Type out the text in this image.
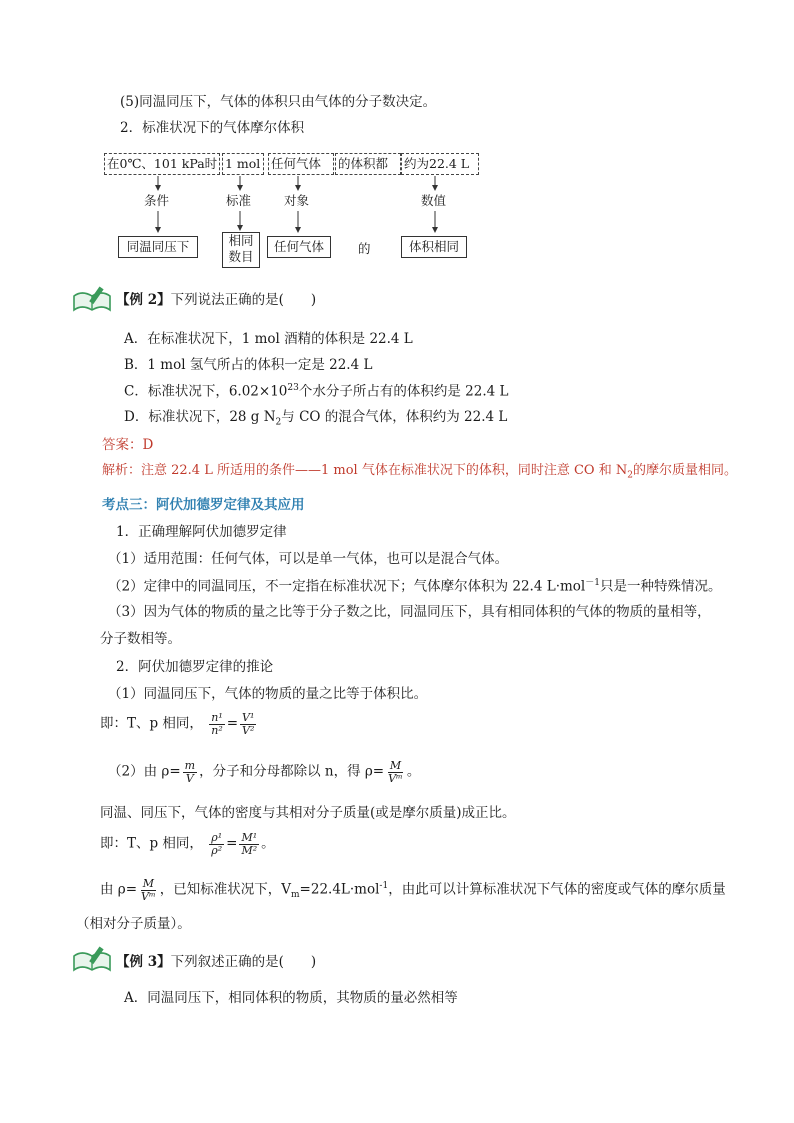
(5)同温同压下，气体的体积只由气体的分子数决定。
2．标准状况下的气体摩尔体积
在0℃、101 kPa时 1 mol 任何气体	的体积都	约为22.4 L
条件	标准	对象	数值
同温同压下	相同
数目
任何气体	的	体积相同
【例 2】下列说法正确的是(　　)
A．在标准状况下，1 mol 酒精的体积是 22.4 L
B．1 mol 氢气所占的体积一定是 22.4 L
C．标准状况下，$6.02\times 10^{23}$个水分子所占有的体积约是 22.4 L
D．标准状况下，28 g $N_2$与 CO 的混合气体，体积约为 22.4 L
答案：D
解析：注意 22.4 L 所适用的条件——1 mol 气体在标准状况下的体积，同时注意 CO 和 $N_2$的摩尔质量相同。
考点三：阿伏加德罗定律及其应用
1．正确理解阿伏加德罗定律
（1）适用范围：任何气体，可以是单一气体，也可以是混合气体。
（2）定律中的同温同压，不一定指在标准状况下；气体摩尔体积为 22.4 L·mol$^{-1}$只是一种特殊情况。
（3）因为气体的物质的量之比等于分子数之比，同温同压下，具有相同体积的气体的物质的量相等，
分子数相等。
2．阿伏加德罗定律的推论
（1）同温同压下，气体的物质的量之比等于体积比。
即：T、p 相同， $\frac{\text{n¹}}{\text{n²}} = \frac{\text{V¹}}{\text{V²}}$
（2）由 $\rho= \frac{m}{V}$ ，分子和分母都除以 n，得 $\rho= \frac{M}{\text{Vᵐ}}$ 。
同温、同压下，气体的密度与其相对分子质量(或是摩尔质量)成正比。
即：T、p 相同， $\frac{\text{ρ¹}}{\text{ρ²}} = \frac{\text{M¹}}{\text{M²}}$ 。
由 $\rho= \frac{M}{\text{Vᵐ}}$ ，已知标准状况下，$V_m=22.4L\cdot mol^{-1}$，由此可以计算标准状况下气体的密度或气体的摩尔质量
（相对分子质量）。
【例 3】下列叙述正确的是(　　)
A．同温同压下，相同体积的物质，其物质的量必然相等
